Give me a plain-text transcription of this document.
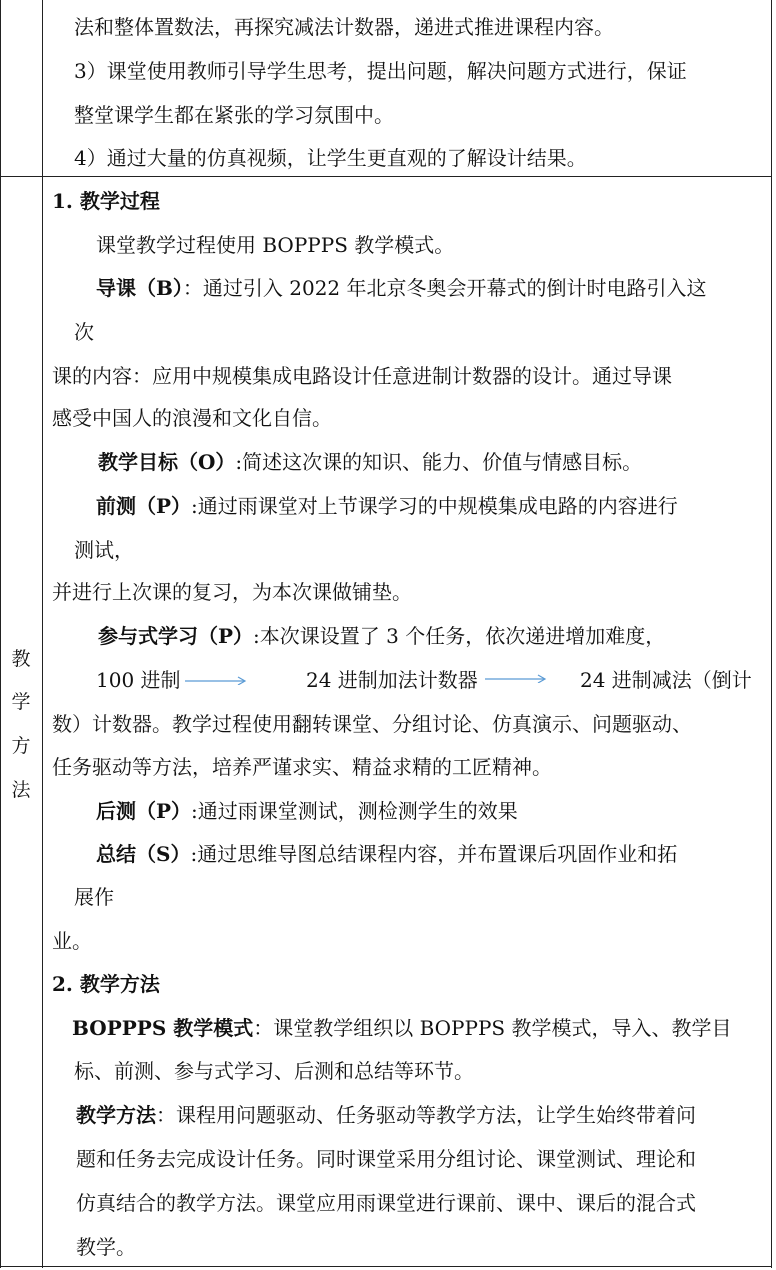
法和整体置数法，再探究减法计数器，递进式推进课程内容。
3）课堂使用教师引导学生思考，提出问题，解决问题方式进行，保证
整堂课学生都在紧张的学习氛围中。
4）通过大量的仿真视频，让学生更直观的了解设计结果。
教
学
方
法
1. 教学过程
课堂教学过程使用 BOPPPS 教学模式。
导课（B）：通过引入 2022 年北京冬奥会开幕式的倒计时电路引入这
次
课的内容：应用中规模集成电路设计任意进制计数器的设计。通过导课
感受中国人的浪漫和文化自信。
教学目标（O）:简述这次课的知识、能力、价值与情感目标。
前测（P）:通过雨课堂对上节课学习的中规模集成电路的内容进行
测试，
并进行上次课的复习，为本次课做铺垫。
参与式学习（P）:本次课设置了 3 个任务，依次递进增加难度，
100 进制	24 进制加法计数器	24 进制减法（倒计
数）计数器。教学过程使用翻转课堂、分组讨论、仿真演示、问题驱动、
任务驱动等方法，培养严谨求实、精益求精的工匠精神。
后测（P）:通过雨课堂测试，测检测学生的效果
总结（S）:通过思维导图总结课程内容，并布置课后巩固作业和拓
展作
业。
2. 教学方法
BOPPPS 教学模式：课堂教学组织以 BOPPPS 教学模式，导入、教学目
标、前测、参与式学习、后测和总结等环节。
教学方法：课程用问题驱动、任务驱动等教学方法，让学生始终带着问
题和任务去完成设计任务。同时课堂采用分组讨论、课堂测试、理论和
仿真结合的教学方法。课堂应用雨课堂进行课前、课中、课后的混合式
教学。
